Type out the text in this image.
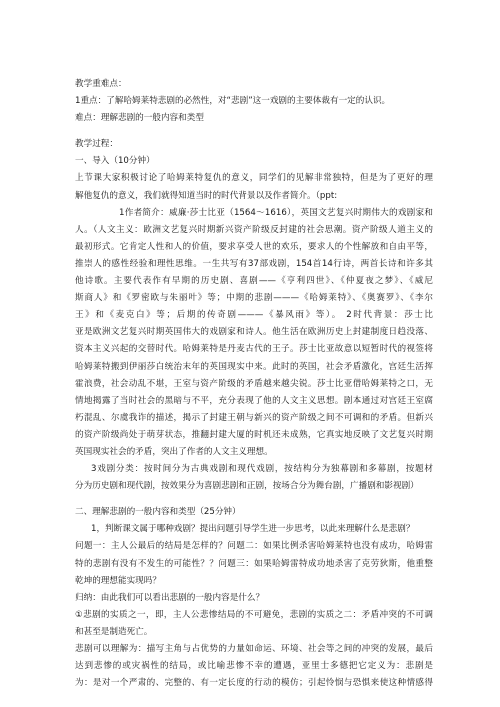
教学重难点：
1重点：了解哈姆莱特悲剧的必然性，对“悲剧”这一戏剧的主要体裁有一定的认识。
难点：理解悲剧的一般内容和类型
教学过程：
一、导入（10分钟）
上节课大家积极讨论了哈姆莱特复仇的意义，同学们的见解非常独特，但是为了更好的理
解他复仇的意义，我们就得知道当时的时代背景以及作者简介。（ppt:
1作者简介：威廉·莎士比亚（1564～1616），英国文艺复兴时期伟大的戏剧家和
人。（人文主义：欧洲文艺复兴时期新兴资产阶级反封建的社会思潮。资产阶级人道主义的
最初形式。它肯定人性和人的价值，要求享受人世的欢乐，要求人的个性解放和自由平等，
推崇人的感性经验和理性思维。一生共写有37部戏剧，154首14行诗，两首长诗和许多其
他诗歌。主要代表作有早期的历史剧、喜剧——《亨利四世》、《仲夏夜之梦》、《威尼
斯商人》和《罗密欧与朱丽叶》等；中期的悲剧———《哈姆莱特》、《奥赛罗》、《李尔
王》和《麦克白》等；后期的传奇剧———《暴风雨》等）。 2时代背景：莎士比
亚是欧洲文艺复兴时期英国伟大的戏剧家和诗人。他生活在欧洲历史上封建制度日趋没落、
资本主义兴起的交替时代。哈姆莱特是丹麦古代的王子。莎士比亚故意以短暂时代的视签将
哈姆莱特搬到伊丽莎白统治末年的英国现实中来。此时的英国，社会矛盾激化，宫廷生活挥
霍浪费，社会动乱不堪，王室与资产阶级的矛盾越来越尖锐。莎士比亚借哈姆莱特之口，无
情地揭露了当时社会的黑暗与不平，充分表现了他的人文主义思想。剧本通过对宫廷王室腐
朽混乱、尔虞我诈的描述，揭示了封建王朝与新兴的资产阶级之间不可调和的矛盾。但新兴
的资产阶级尚处于萌芽状态，推翻封建大厦的时机还未成熟，它真实地反映了文艺复兴时期
英国现实社会的矛盾，突出了作者的人文主义理想。
3戏剧分类：按时间分为古典戏剧和现代戏剧，按结构分为独幕剧和多幕剧，按题材
分为历史剧和现代剧，按效果分为喜剧悲剧和正剧，按场合分为舞台剧，广播剧和影视剧）
二、理解悲剧的一般内容和类型（25分钟）
1，判断课文属于哪种戏剧？提出问题引导学生进一步思考，以此来理解什么是悲剧？
问题一：主人公最后的结局是怎样的？问题二：如果比例杀害哈姆莱特也没有成功，哈姆雷
特的悲剧有没有不发生的可能性？？问题三：如果哈姆雷特成功地杀害了克劳狄斯，他重整
乾坤的理想能实现吗？
归纳：由此我们可以看出悲剧的一般内容是什么？
①悲剧的实质之一，即，主人公悲惨结局的不可避免，悲剧的实质之二：矛盾冲突的不可调
和甚至是制造死亡。
悲剧可以理解为：描写主角与占优势的力量如命运、环境、社会等之间的冲突的发展，最后
达到悲惨的或灾祸性的结局，或比喻悲惨不幸的遭遇，亚里士多德把它定义为：悲剧是
为：是对一个严肃的、完整的、有一定长度的行动的模仿；引起怜悯与恐惧来使这种情感得
